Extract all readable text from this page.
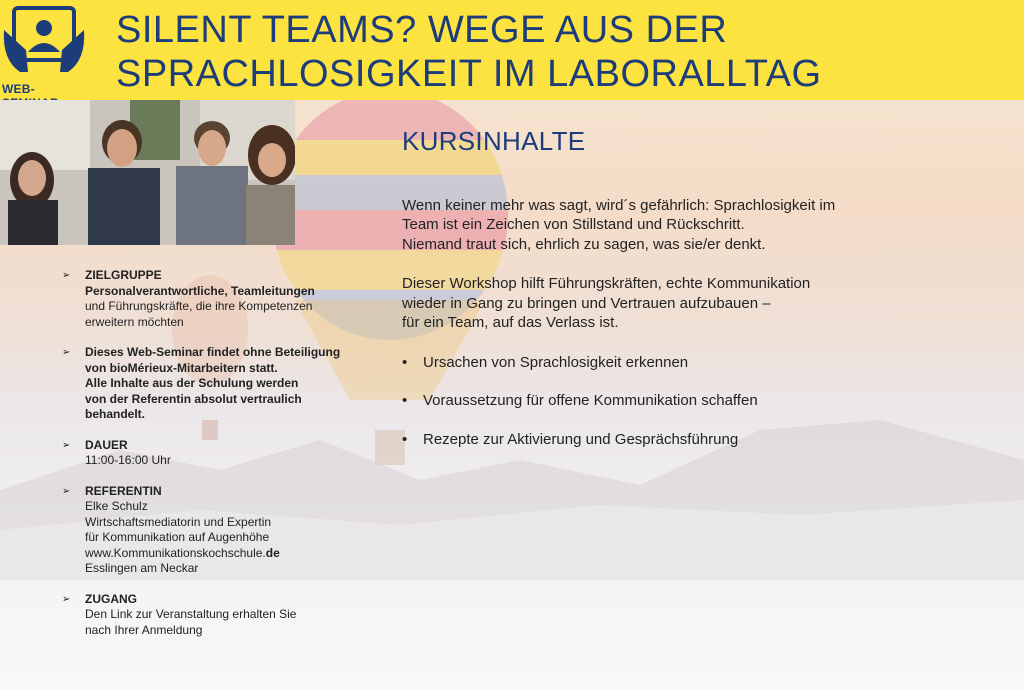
WEB-
SILENT TEAMS? WEGE AUS DER
SPRACHLOSIGKEIT IM LABORALLTAG
➢ ZIELGRUPPE
Personalverantwortliche, Teamleitungen
und Führungskräfte, die ihre Kompetenzen
erweitern möchten
➢ Dieses Web-Seminar findet ohne Beteiligung
von bioMérieux-Mitarbeitern statt.
Alle Inhalte aus der Schulung werden
von der Referentin absolut vertraulich
behandelt.
➢ DAUER
11:00-16:00 Uhr
➢ REFERENTIN
Elke Schulz
Wirtschaftsmediatorin und Expertin
für Kommunikation auf Augenhöhe
www.Kommunikationskochschule.de
Esslingen am Neckar
➢ ZUGANG
Den Link zur Veranstaltung erhalten Sie
nach Ihrer Anmeldung
KURSINHALTE
Wenn keiner mehr was sagt, wird´s gefährlich: Sprachlosigkeit im
Team ist ein Zeichen von Stillstand und Rückschritt.
Niemand traut sich, ehrlich zu sagen, was sie/er denkt.
Dieser Workshop hilft Führungskräften, echte Kommunikation
wieder in Gang zu bringen und Vertrauen aufzubauen –
für ein Team, auf das Verlass ist.
• Ursachen von Sprachlosigkeit erkennen
• Voraussetzung für offene Kommunikation schaffen
• Rezepte zur Aktivierung und Gesprächsführung
